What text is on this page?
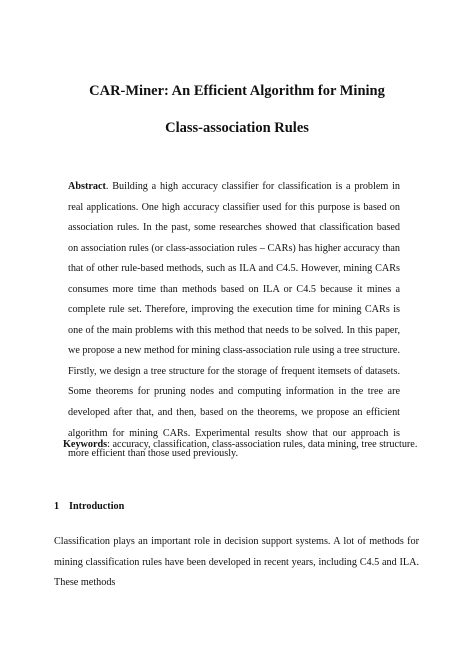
CAR-Miner: An Efficient Algorithm for Mining
Class-association Rules

Abstract. Building a high accuracy classifier for classification is a problem in real applications. One high accuracy classifier used for this purpose is based on association rules. In the past, some researches showed that classification based on association rules (or class-association rules – CARs) has higher accuracy than that of other rule-based methods, such as ILA and C4.5. However, mining CARs consumes more time than methods based on ILA or C4.5 because it mines a complete rule set. Therefore, improving the execution time for mining CARs is one of the main problems with this method that needs to be solved. In this paper, we propose a new method for mining class-association rule using a tree structure. Firstly, we design a tree structure for the storage of frequent itemsets of datasets. Some theorems for pruning nodes and computing information in the tree are developed after that, and then, based on the theorems, we propose an efficient algorithm for mining CARs. Experimental results show that our approach is more efficient than those used previously.

Keywords: accuracy, classification, class-association rules, data mining, tree structure.

1 Introduction

Classification plays an important role in decision support systems. A lot of methods for mining classification rules have been developed in recent years, including C4.5 and ILA. These methods
